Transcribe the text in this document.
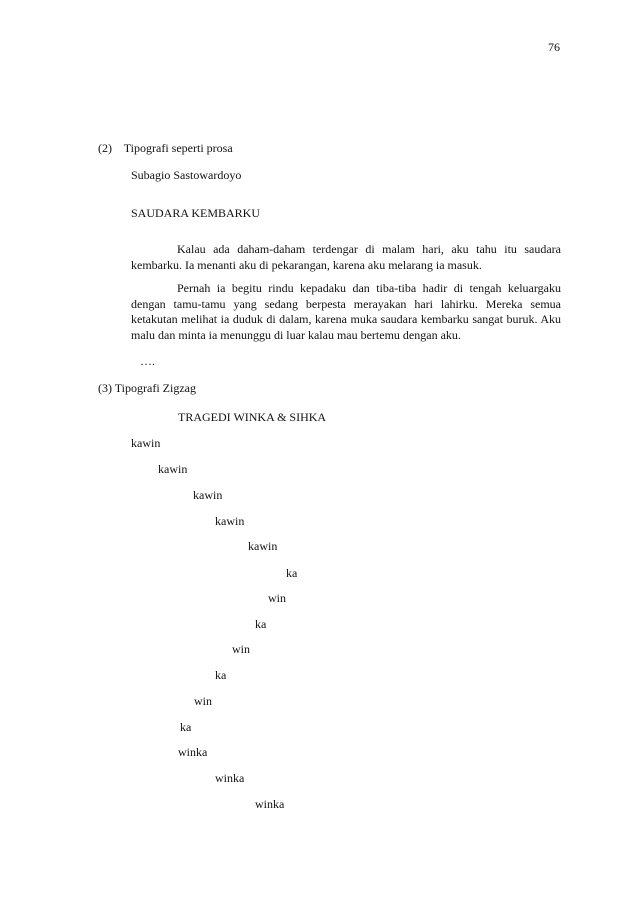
76
(2)    Tipografi seperti prosa
Subagio Sastowardoyo
SAUDARA KEMBARKU

Kalau ada daham-daham terdengar di malam hari, aku tahu itu saudara kembarku. Ia menanti aku di pekarangan, karena aku melarang ia masuk.

Pernah ia begitu rindu kepadaku dan tiba-tiba hadir di tengah keluargaku dengan tamu-tamu yang sedang berpesta merayakan hari lahirku. Mereka semua ketakutan melihat ia duduk di dalam, karena muka saudara kembarku sangat buruk. Aku malu dan minta ia menunggu di luar kalau mau bertemu dengan aku.

….
(3) Tipografi Zigzag
TRAGEDI WINKA & SIHKA
kawin
kawin
kawin
kawin
kawin
ka
win
ka
win
ka
win
ka
winka
winka
winka
